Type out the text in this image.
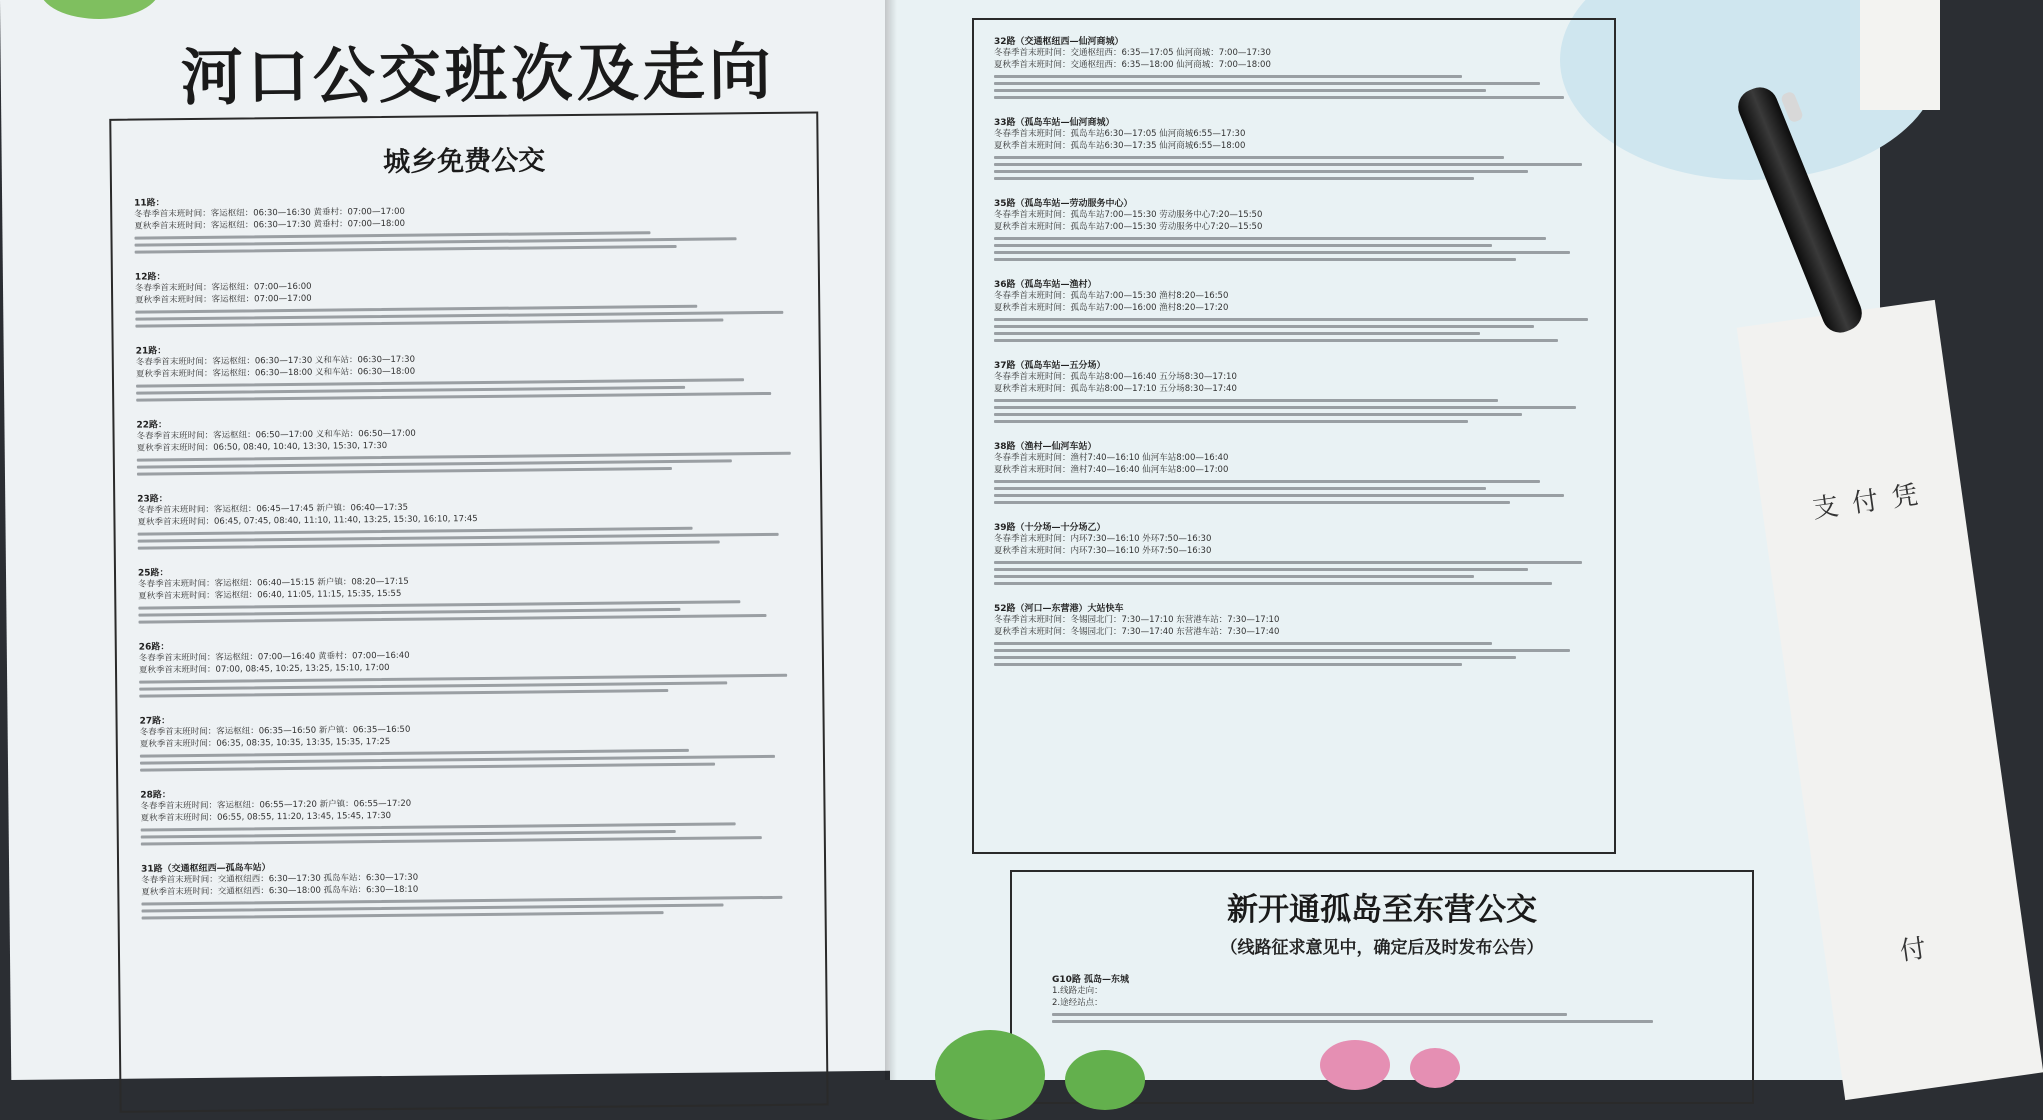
河口公交班次及走向
城乡免费公交
11路：
冬春季首末班时间：客运枢纽：06:30—16:30 黄垂村：07:00—17:00
夏秋季首末班时间：客运枢纽：06:30—17:30 黄垂村：07:00—18:00
12路：
冬春季首末班时间：客运枢纽：07:00—16:00
夏秋季首末班时间：客运枢纽：07:00—17:00
21路：
冬春季首末班时间：客运枢纽：06:30—17:30 义和车站：06:30—17:30
夏秋季首末班时间：客运枢纽：06:30—18:00 义和车站：06:30—18:00
22路：
冬春季首末班时间：客运枢纽：06:50—17:00 义和车站：06:50—17:00
夏秋季首末班时间：06:50, 08:40, 10:40, 13:30, 15:30, 17:30
23路：
冬春季首末班时间：客运枢纽：06:45—17:45 新户镇：06:40—17:35
夏秋季首末班时间：06:45, 07:45, 08:40, 11:10, 11:40, 13:25, 15:30, 16:10, 17:45
25路：
冬春季首末班时间：客运枢纽：06:40—15:15 新户镇：08:20—17:15
夏秋季首末班时间：客运枢纽：06:40, 11:05, 11:15, 15:35, 15:55
26路：
冬春季首末班时间：客运枢纽：07:00—16:40 黄垂村：07:00—16:40
夏秋季首末班时间：07:00, 08:45, 10:25, 13:25, 15:10, 17:00
27路：
冬春季首末班时间：客运枢纽：06:35—16:50 新户镇：06:35—16:50
夏秋季首末班时间：06:35, 08:35, 10:35, 13:35, 15:35, 17:25
28路：
冬春季首末班时间：客运枢纽：06:55—17:20 新户镇：06:55—17:20
夏秋季首末班时间：06:55, 08:55, 11:20, 13:45, 15:45, 17:30
31路（交通枢纽西—孤岛车站）
冬春季首末班时间：交通枢纽西：6:30—17:30 孤岛车站：6:30—17:30
夏秋季首末班时间：交通枢纽西：6:30—18:00 孤岛车站：6:30—18:10
32路（交通枢纽西—仙河商城）
冬春季首末班时间：交通枢纽西：6:35—17:05 仙河商城：7:00—17:30
夏秋季首末班时间：交通枢纽西：6:35—18:00 仙河商城：7:00—18:00
33路（孤岛车站—仙河商城）
冬春季首末班时间：孤岛车站6:30—17:05 仙河商城6:55—17:30
夏秋季首末班时间：孤岛车站6:30—17:35 仙河商城6:55—18:00
35路（孤岛车站—劳动服务中心）
冬春季首末班时间：孤岛车站7:00—15:30 劳动服务中心7:20—15:50
夏秋季首末班时间：孤岛车站7:00—15:30 劳动服务中心7:20—15:50
36路（孤岛车站—渔村）
冬春季首末班时间：孤岛车站7:00—15:30 渔村8:20—16:50
夏秋季首末班时间：孤岛车站7:00—16:00 渔村8:20—17:20
37路（孤岛车站—五分场）
冬春季首末班时间：孤岛车站8:00—16:40 五分场8:30—17:10
夏秋季首末班时间：孤岛车站8:00—17:10 五分场8:30—17:40
38路（渔村—仙河车站）
冬春季首末班时间：渔村7:40—16:10 仙河车站8:00—16:40
夏秋季首末班时间：渔村7:40—16:40 仙河车站8:00—17:00
39路（十分场—十分场乙）
冬春季首末班时间：内环7:30—16:10 外环7:50—16:30
夏秋季首末班时间：内环7:30—16:10 外环7:50—16:30
52路（河口—东营港）大站快车
冬春季首末班时间：冬锡园北门：7:30—17:10 东营港车站：7:30—17:10
夏秋季首末班时间：冬锡园北门：7:30—17:40 东营港车站：7:30—17:40
新开通孤岛至东营公交
（线路征求意见中，确定后及时发布公告）
G10路 孤岛—东城
1.线路走向：
2.途经站点：
支 付 凭
付
